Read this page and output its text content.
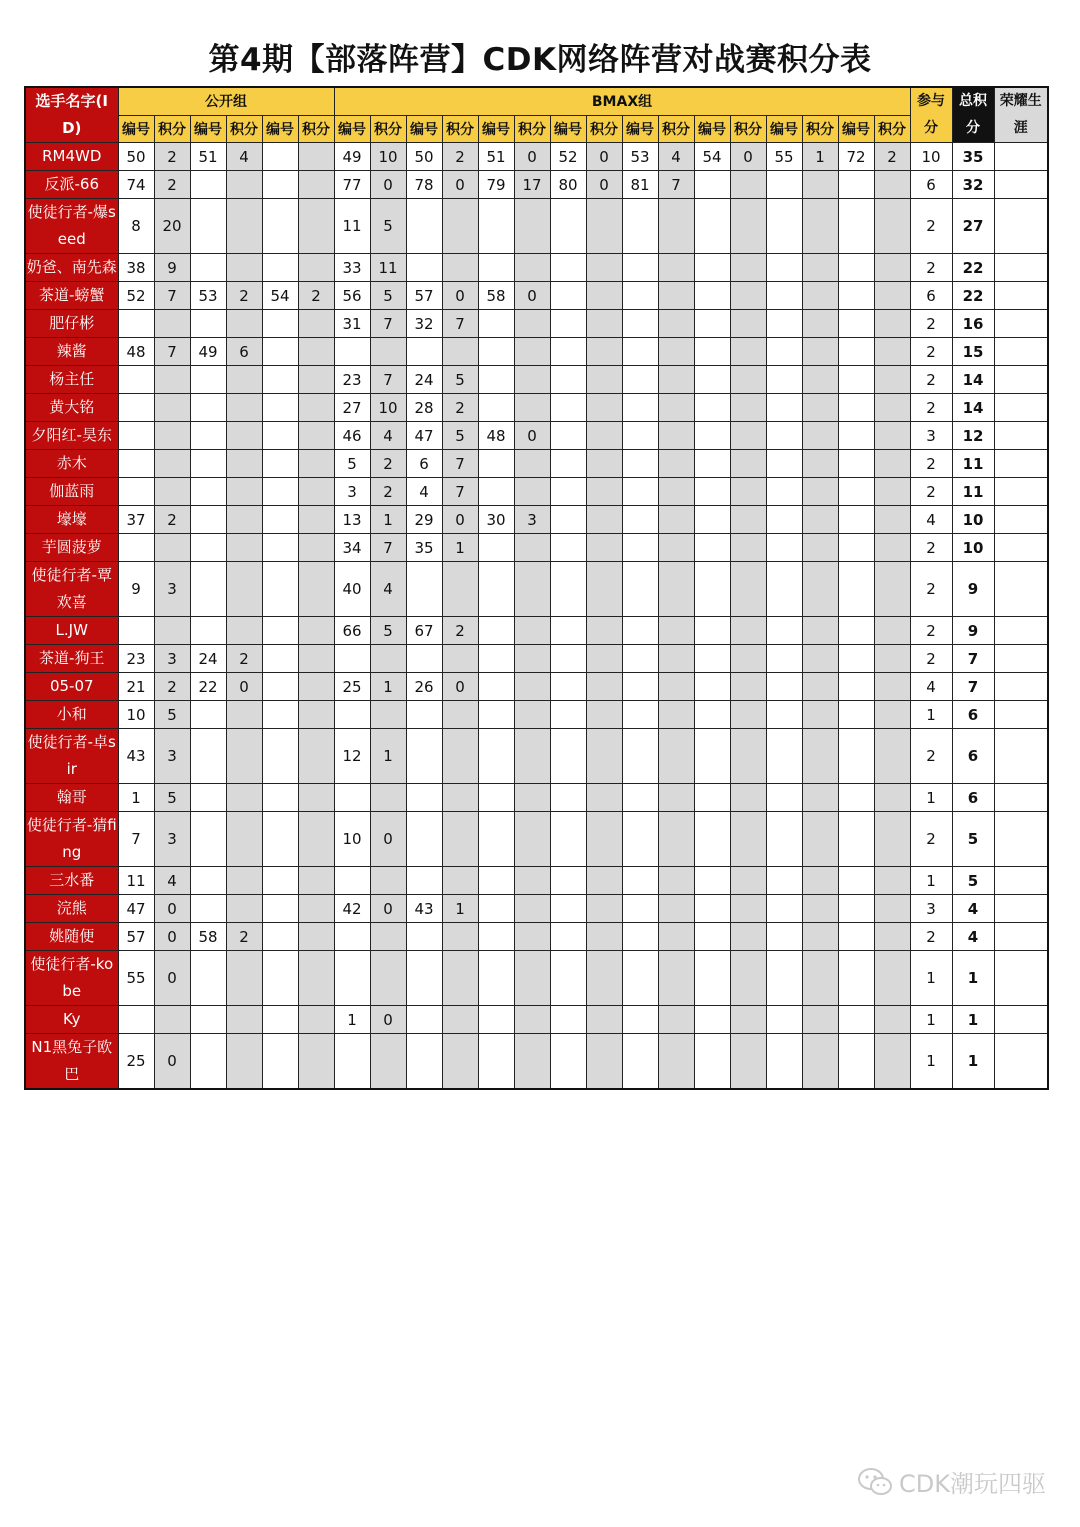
第4期【部落阵营】CDK网络阵营对战赛积分表
选手名字(ID)	公开组						BMAX组																参与分	总积分	荣耀生涯
	编号	积分	编号	积分	编号	积分	编号	积分	编号	积分	编号	积分	编号	积分	编号	积分	编号	积分	编号	积分	编号	积分			
RM4WD	50	2	51	4			49	10	50	2	51	0	52	0	53	4	54	0	55	1	72	2	10	35	
反派-66	74	2					77	0	78	0	79	17	80	0	81	7							6	32	
使徒行者-爆seed	8	20					11	5															2	27	
奶爸、南先森	38	9					33	11															2	22	
茶道-螃蟹	52	7	53	2	54	2	56	5	57	0	58	0											6	22	
肥仔彬							31	7	32	7													2	16	
辣酱	48	7	49	6																			2	15	
杨主任							23	7	24	5													2	14	
黄大铭							27	10	28	2													2	14	
夕阳红-昊东							46	4	47	5	48	0											3	12	
赤木							5	2	6	7													2	11	
伽蓝雨							3	2	4	7													2	11	
壕壕	37	2					13	1	29	0	30	3											4	10	
芋圆菠萝							34	7	35	1													2	10	
使徒行者-覃欢喜	9	3					40	4															2	9	
L.JW							66	5	67	2													2	9	
茶道-狗王	23	3	24	2																			2	7	
05-07	21	2	22	0			25	1	26	0													4	7	
小和	10	5																					1	6	
使徒行者-卓sir	43	3					12	1															2	6	
翰哥	1	5																					1	6	
使徒行者-猜fing	7	3					10	0															2	5	
三水番	11	4																					1	5	
浣熊	47	0					42	0	43	1													3	4	
姚随便	57	0	58	2																			2	4	
使徒行者-kobe	55	0																					1	1	
Ky							1	0															1	1	
N1黑兔子欧巴	25	0																					1	1	
CDK潮玩四驱
